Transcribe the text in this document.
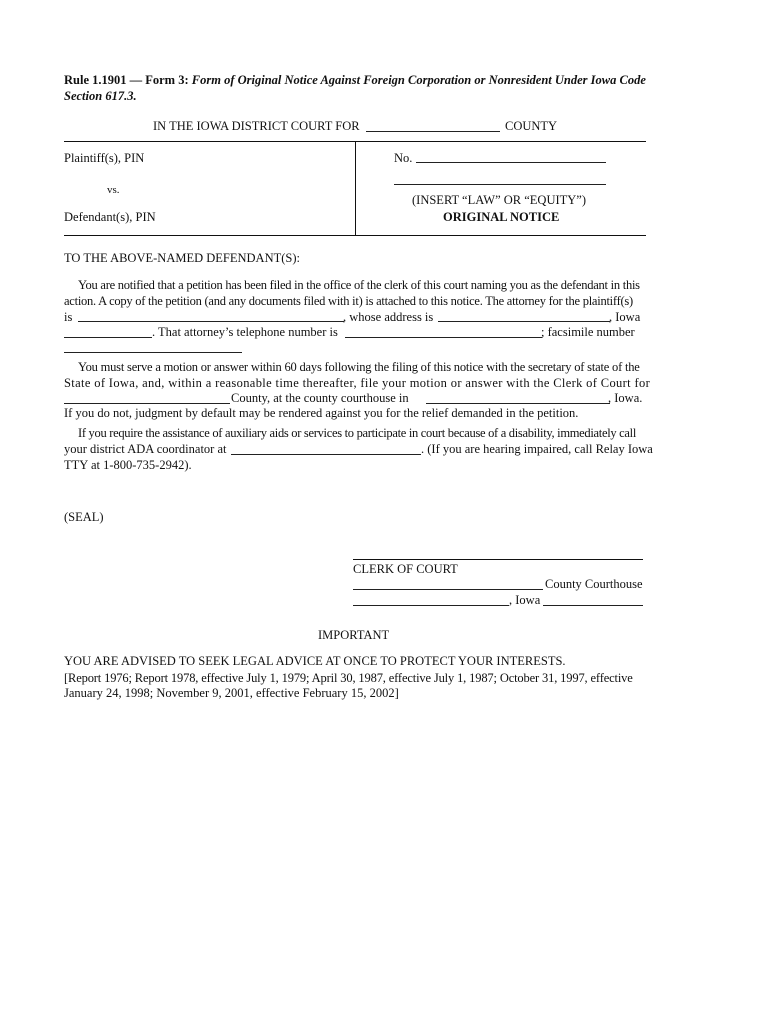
Rule 1.1901 — Form 3: Form of Original Notice Against Foreign Corporation or Nonresident Under Iowa Code
Section 617.3.
IN THE IOWA DISTRICT COURT FOR	COUNTY
Plaintiff(s), PIN
vs.
Defendant(s), PIN
No.
(INSERT “LAW” OR “EQUITY”)
ORIGINAL NOTICE
TO THE ABOVE-NAMED DEFENDANT(S):
You are notified that a petition has been filed in the office of the clerk of this court naming you as the defendant in this
action. A copy of the petition (and any documents filed with it) is attached to this notice. The attorney for the plaintiff(s)
is	, whose address is	, Iowa
. That attorney’s telephone number is	; facsimile number
You must serve a motion or answer within 60 days following the filing of this notice with the secretary of state of the
State of Iowa, and, within a reasonable time thereafter, file your motion or answer with the Clerk of Court for
County, at the county courthouse in	, Iowa.
If you do not, judgment by default may be rendered against you for the relief demanded in the petition.
If you require the assistance of auxiliary aids or services to participate in court because of a disability, immediately call
your district ADA coordinator at	. (If you are hearing impaired, call Relay Iowa
TTY at 1-800-735-2942).
(SEAL)
CLERK OF COURT
County Courthouse
, Iowa
IMPORTANT
YOU ARE ADVISED TO SEEK LEGAL ADVICE AT ONCE TO PROTECT YOUR INTERESTS.
[Report 1976; Report 1978, effective July 1, 1979; April 30, 1987, effective July 1, 1987; October 31, 1997, effective
January 24, 1998; November 9, 2001, effective February 15, 2002]
